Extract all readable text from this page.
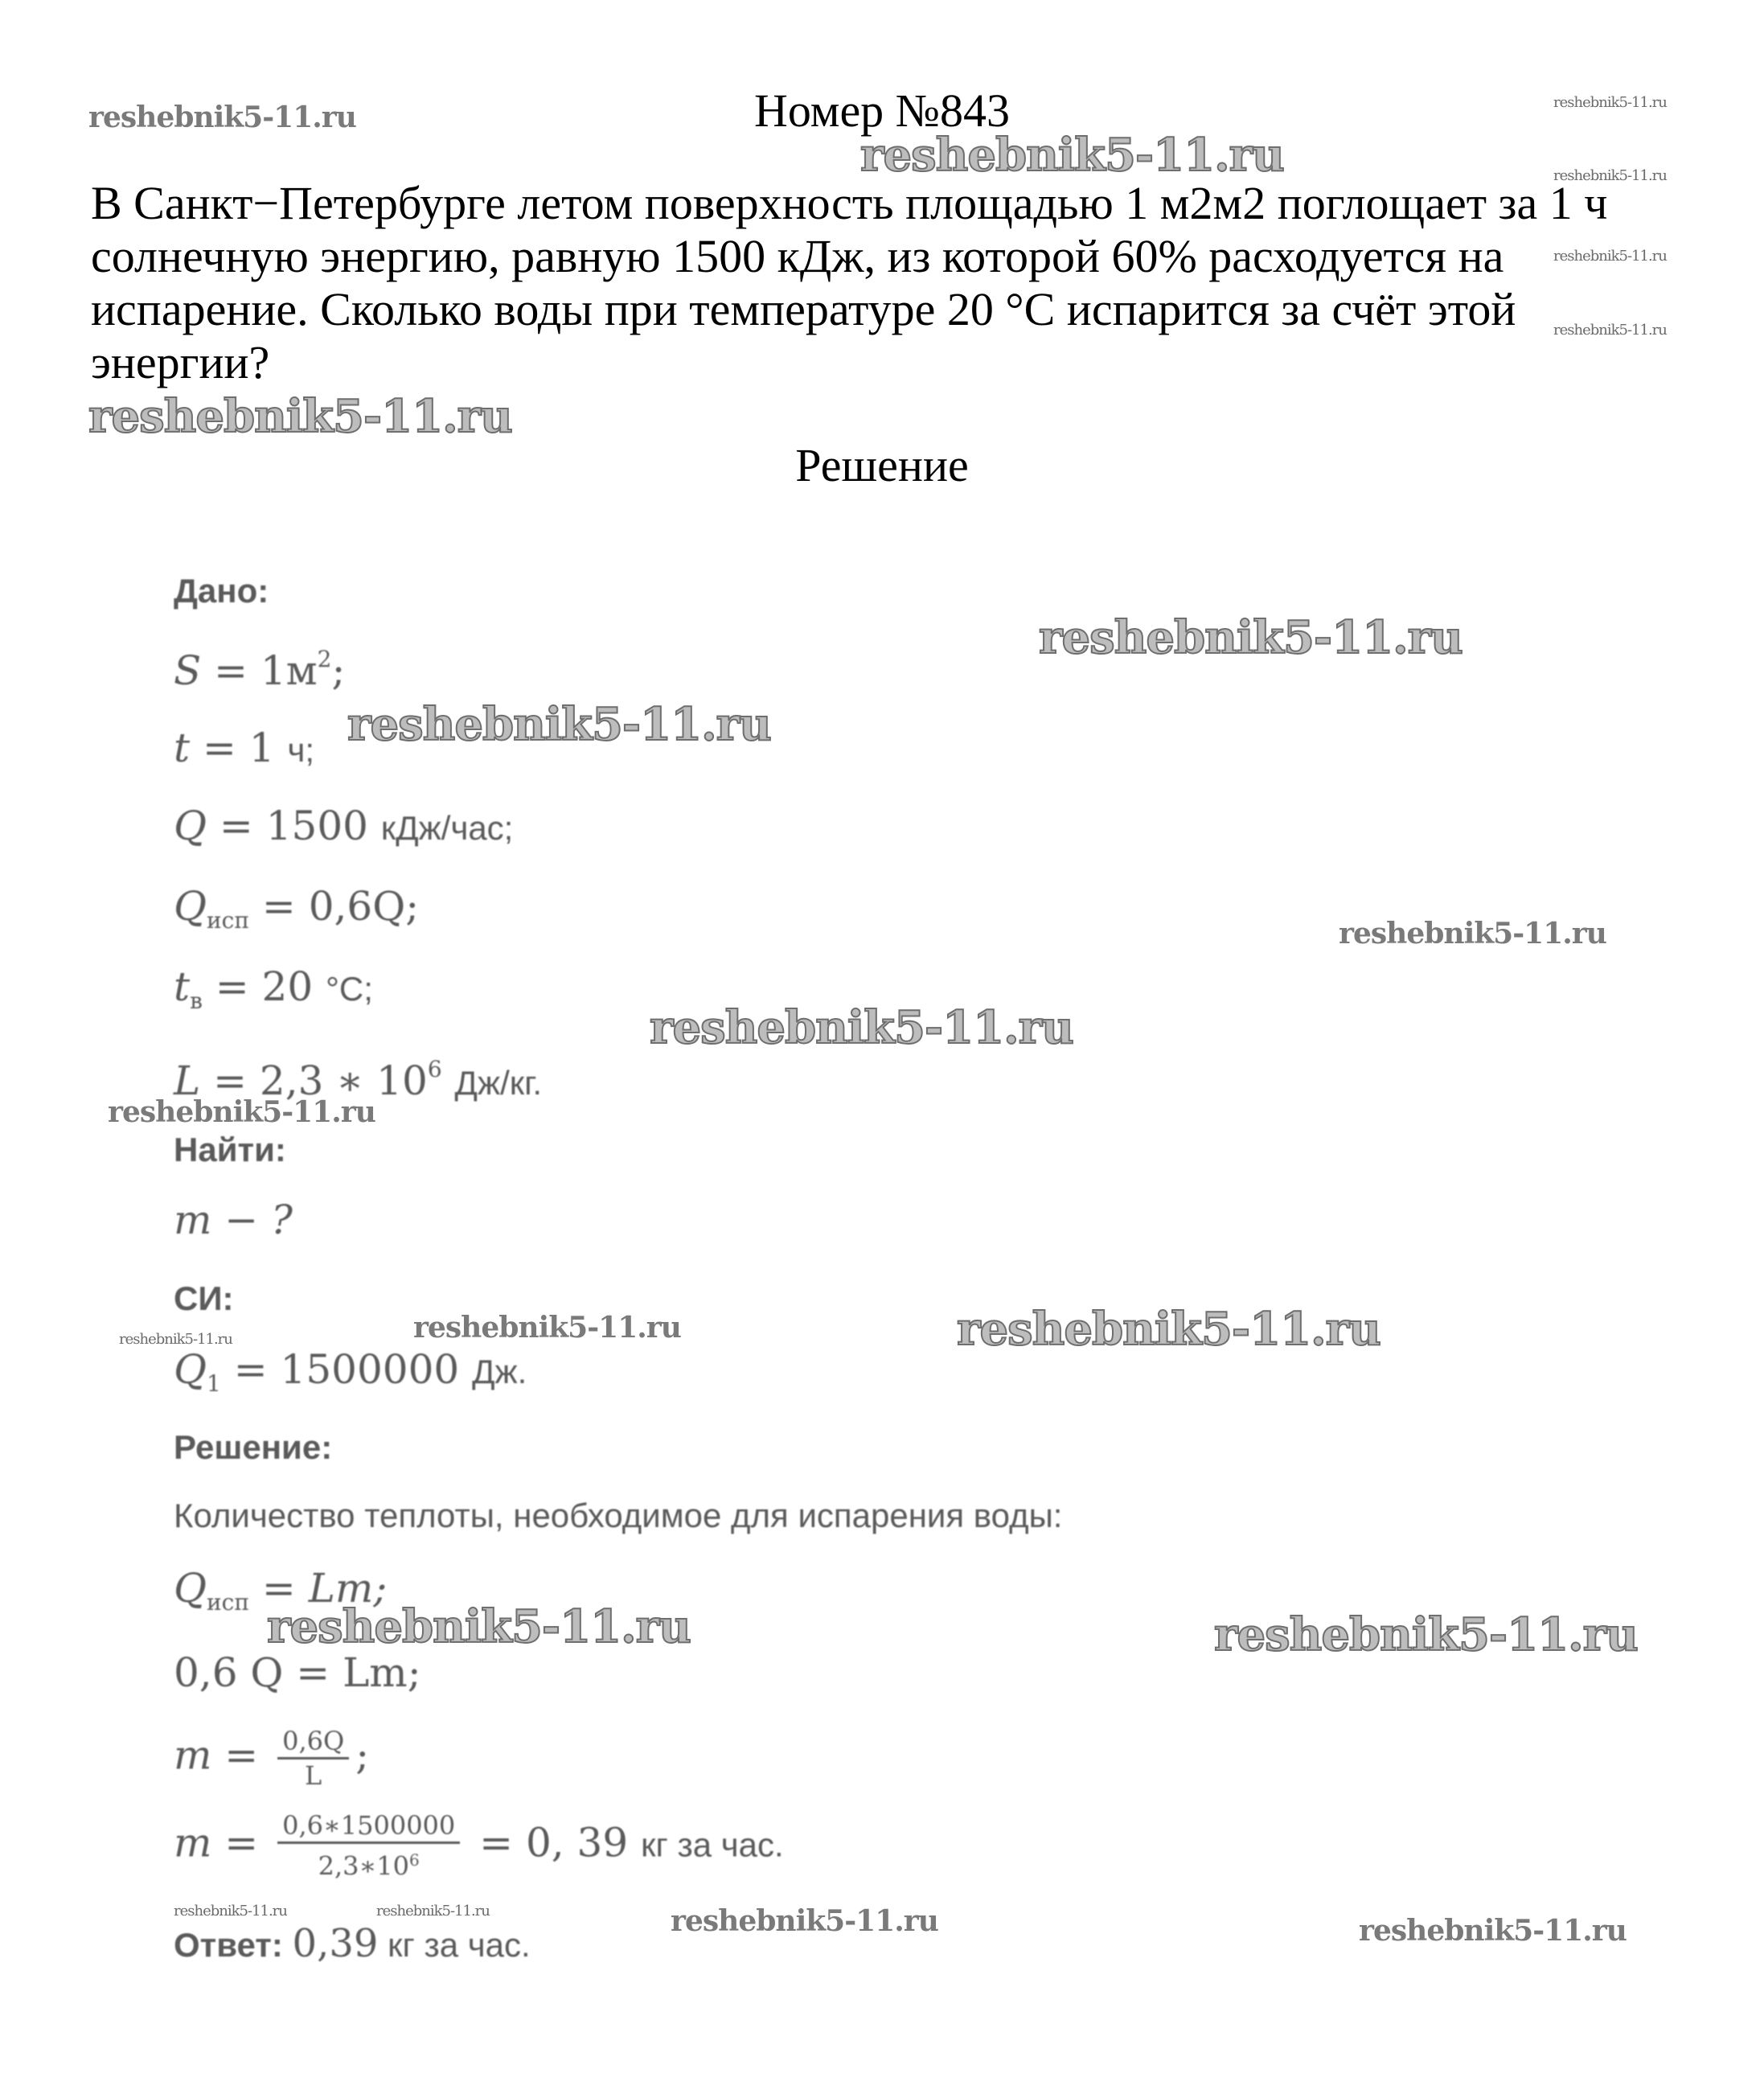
Номер №843
В Санкт−Петербурге летом поверхность площадью 1 м2м2 поглощает за 1 ч
солнечную энергию, равную 1500 кДж, из которой 60% расходуется на
испарение. Сколько воды при температуре 20 °С испарится за счёт этой
энергии?
Решение
Дано:
$S = 1м^2$;
t = 1 ч;
Q = 1500 кДж/час;
$Q_{исп} = 0,6Q$;
$t_в = 20$ °C;
L = 2,3 ∗ $10^6$ Дж/кг.
Найти:
m − ?
СИ:
$Q_1 = 1500000$ Дж.
Решение:
Количество теплоты, необходимое для испарения воды:
$Q_{исп} = Lm$;
0,6 Q = Lm;
$m = \frac{0,6Q}{L}$ ;
$m = \frac{0,6∗1500000}{2,3∗10^6} = 0$, 39 кг за час.
Ответ: 0,39 кг за час.
reshebnik5-11.ru	reshebnik5-11.ru
reshebnik5-11.ru	reshebnik5-11.ru
reshebnik5-11.ru
reshebnik5-11.ru
reshebnik5-11.ru
reshebnik5-11.ru
reshebnik5-11.ru
reshebnik5-11.ru
reshebnik5-11.ru
reshebnik5-11.ru
reshebnik5-11.ru	reshebnik5-11.ru	reshebnik5-11.ru
reshebnik5-11.ru	reshebnik5-11.ru
reshebnik5-11.ru	reshebnik5-11.ru	reshebnik5-11.ru	reshebnik5-11.ru
